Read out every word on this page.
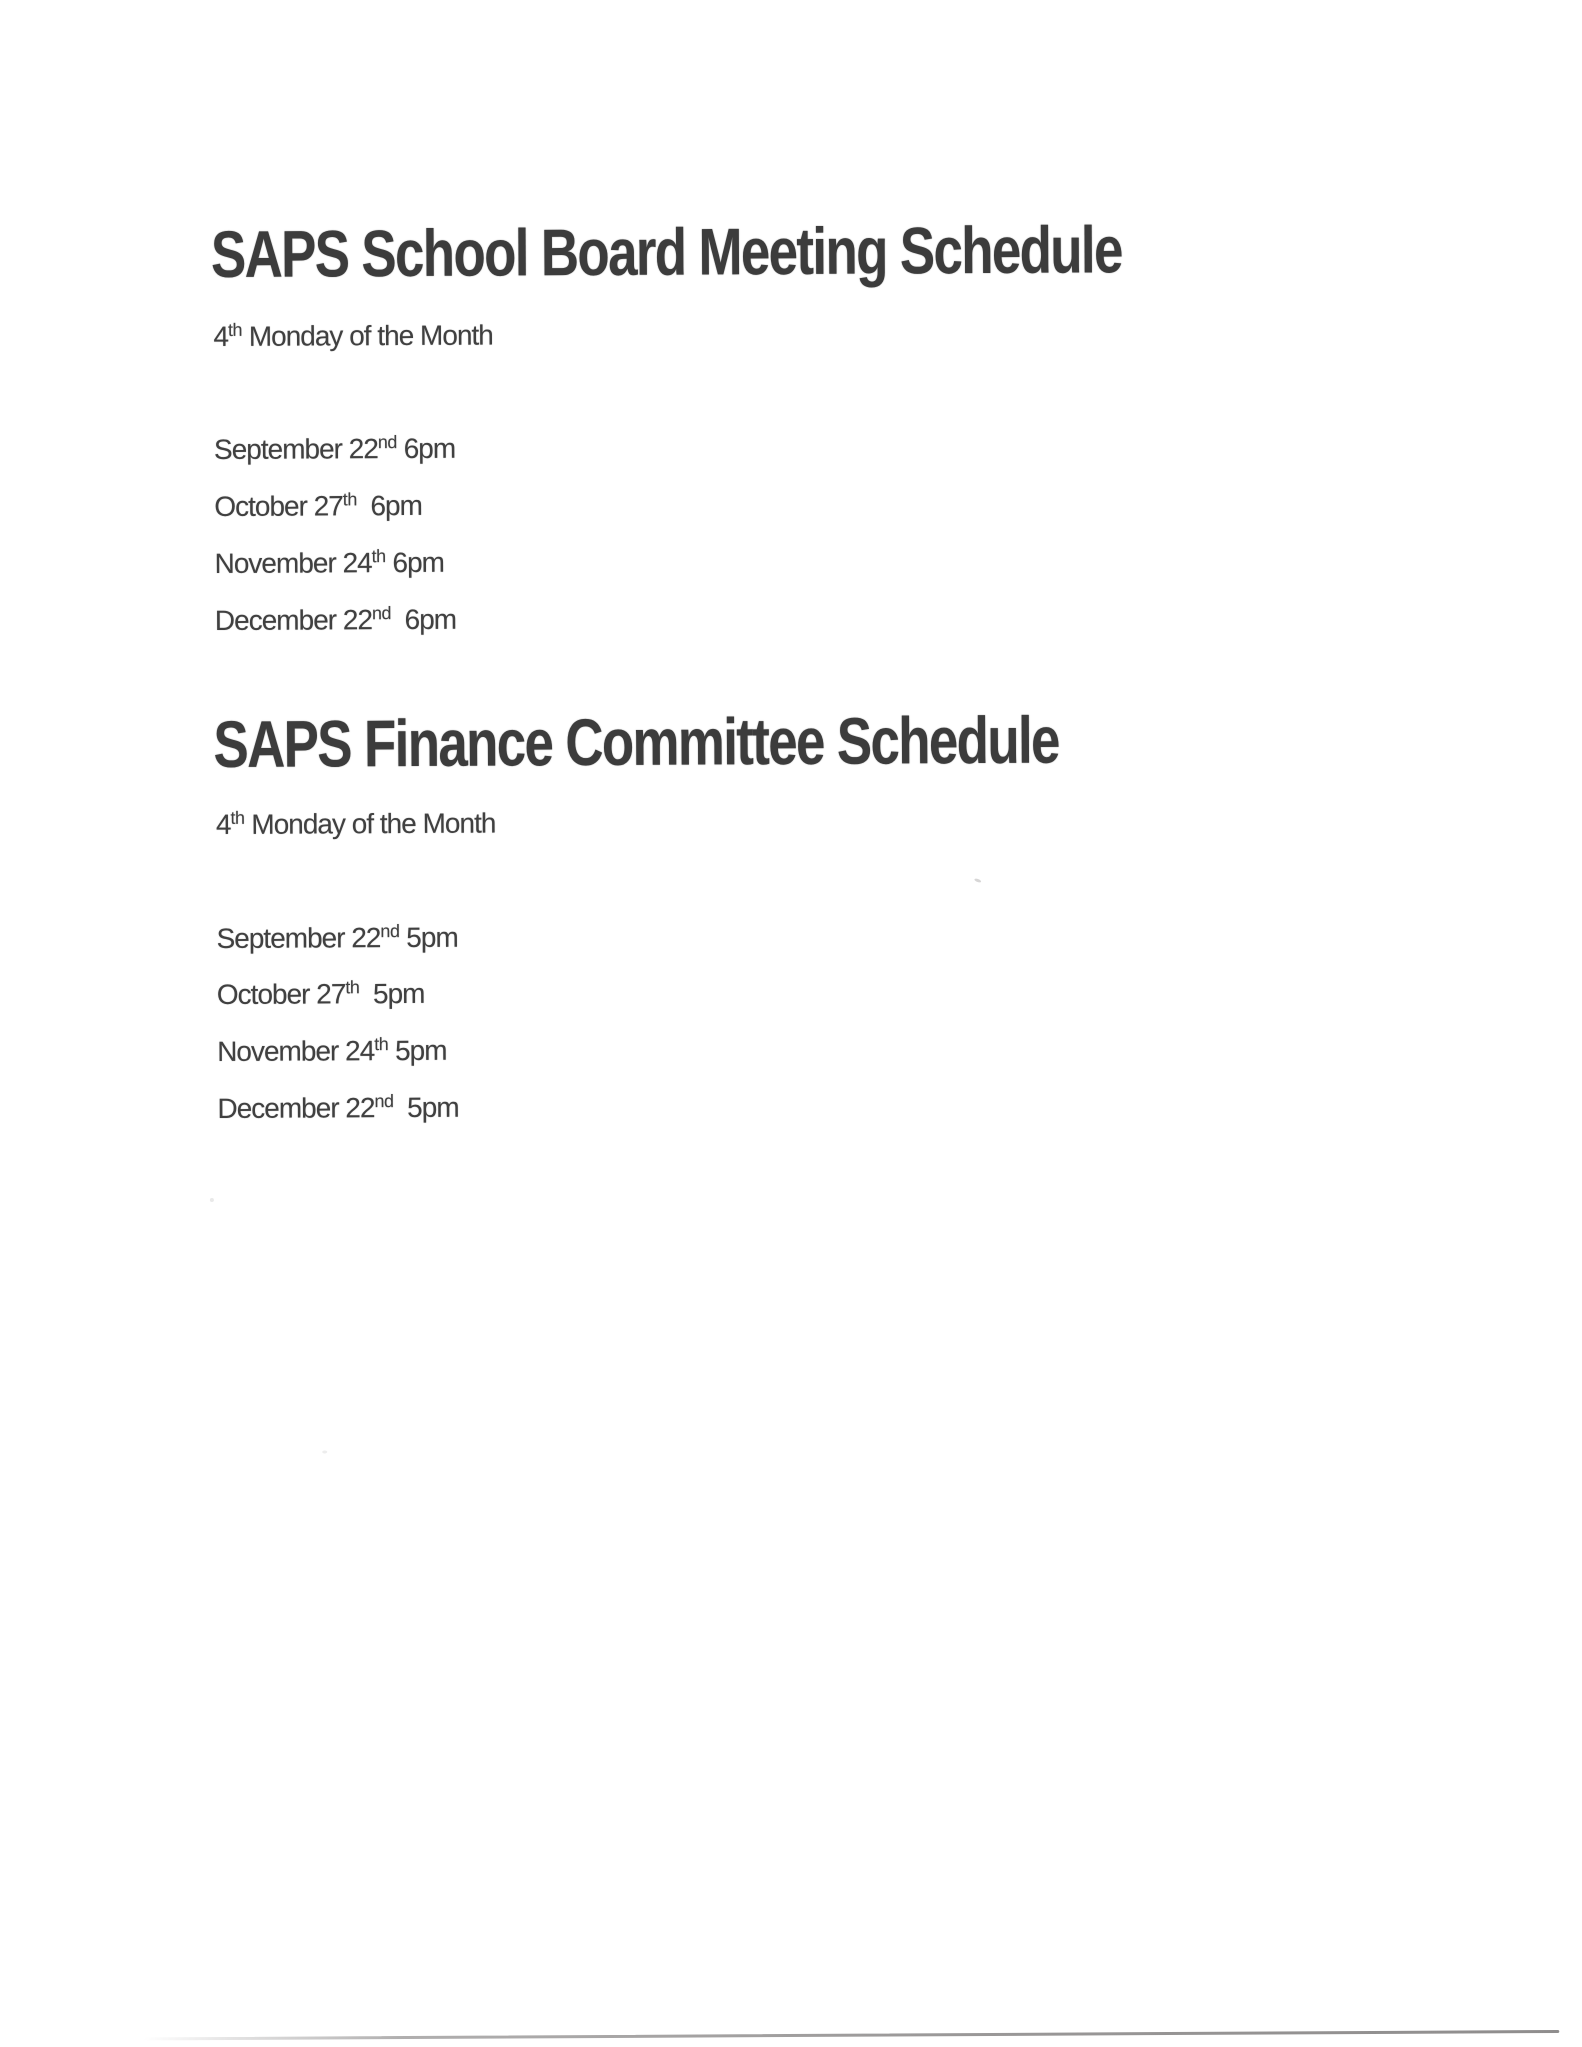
SAPS School Board Meeting Schedule

4th Monday of the Month

September 22nd 6pm

October 27th 6pm

November 24th 6pm

December 22nd 6pm

SAPS Finance Committee Schedule

4th Monday of the Month

September 22nd 5pm

October 27th 5pm

November 24th 5pm

December 22nd 5pm
